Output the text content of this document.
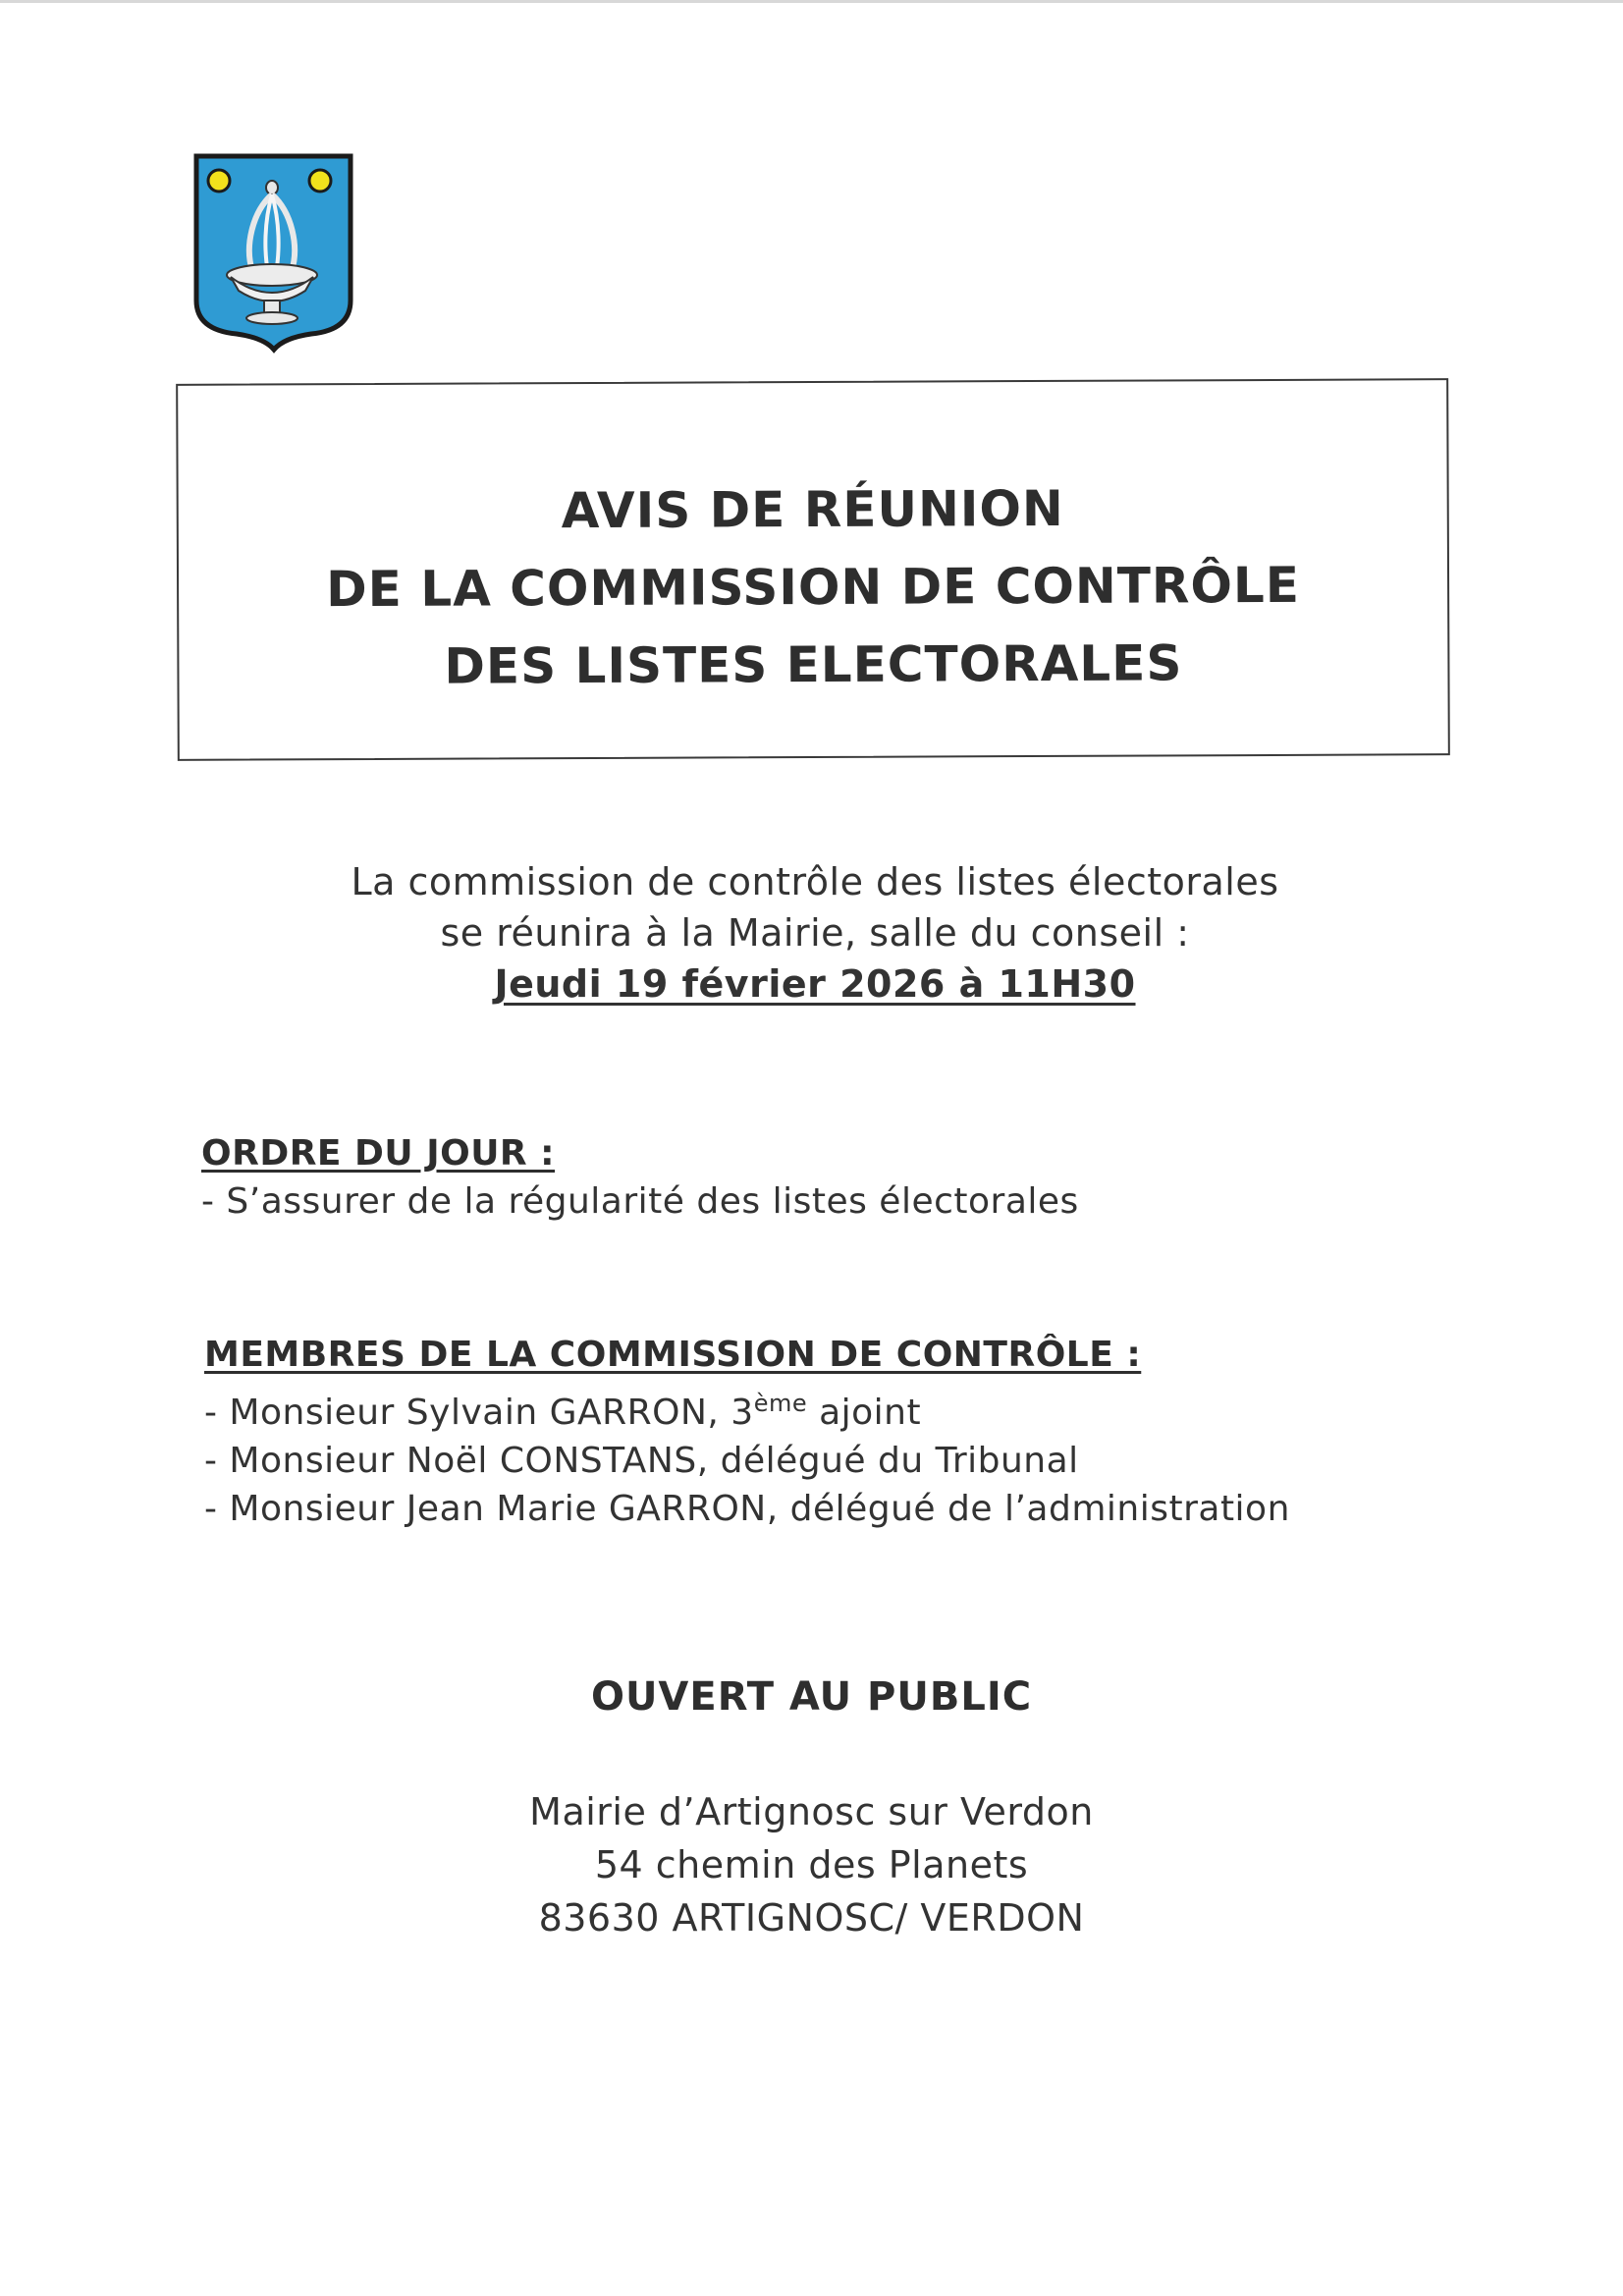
AVIS DE RÉUNION
DE LA COMMISSION DE CONTRÔLE
DES LISTES ELECTORALES
La commission de contrôle des listes électorales
se réunira à la Mairie, salle du conseil :
Jeudi 19 février 2026 à 11H30
ORDRE DU JOUR :
- S’assurer de la régularité des listes électorales
MEMBRES DE LA COMMISSION DE CONTRÔLE :
- Monsieur Sylvain GARRON, 3ème ajoint
- Monsieur Noël CONSTANS, délégué du Tribunal
- Monsieur Jean Marie GARRON, délégué de l’administration
OUVERT AU PUBLIC
Mairie d’Artignosc sur Verdon
54 chemin des Planets
83630 ARTIGNOSC/ VERDON
